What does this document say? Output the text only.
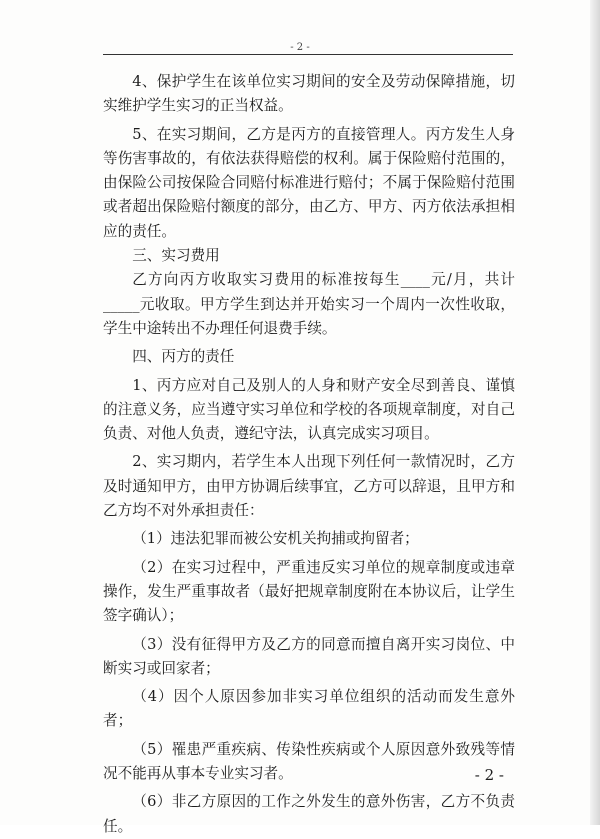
- 2 -

4、保护学生在该单位实习期间的安全及劳动保障措施，切实维护学生实习的正当权益。

5、在实习期间，乙方是丙方的直接管理人。丙方发生人身等伤害事故的，有依法获得赔偿的权利。属于保险赔付范围的，由保险公司按保险合同赔付标准进行赔付；不属于保险赔付范围或者超出保险赔付额度的部分，由乙方、甲方、丙方依法承担相应的责任。

三、实习费用

乙方向丙方收取实习费用的标准按每生____元/月，共计_____元收取。甲方学生到达并开始实习一个周内一次性收取，学生中途转出不办理任何退费手续。

四、丙方的责任

1、丙方应对自己及别人的人身和财产安全尽到善良、谨慎的注意义务，应当遵守实习单位和学校的各项规章制度，对自己负责、对他人负责，遵纪守法，认真完成实习项目。

2、实习期内，若学生本人出现下列任何一款情况时，乙方及时通知甲方，由甲方协调后续事宜，乙方可以辞退，且甲方和乙方均不对外承担责任：

（1）违法犯罪而被公安机关拘捕或拘留者；

（2）在实习过程中，严重违反实习单位的规章制度或违章操作，发生严重事故者（最好把规章制度附在本协议后，让学生签字确认）；

（3）没有征得甲方及乙方的同意而擅自离开实习岗位、中断实习或回家者；

（4）因个人原因参加非实习单位组织的活动而发生意外者；

（5）罹患严重疾病、传染性疾病或个人原因意外致残等情况不能再从事本专业实习者。

（6）非乙方原因的工作之外发生的意外伤害，乙方不负责任。

- 2 -
